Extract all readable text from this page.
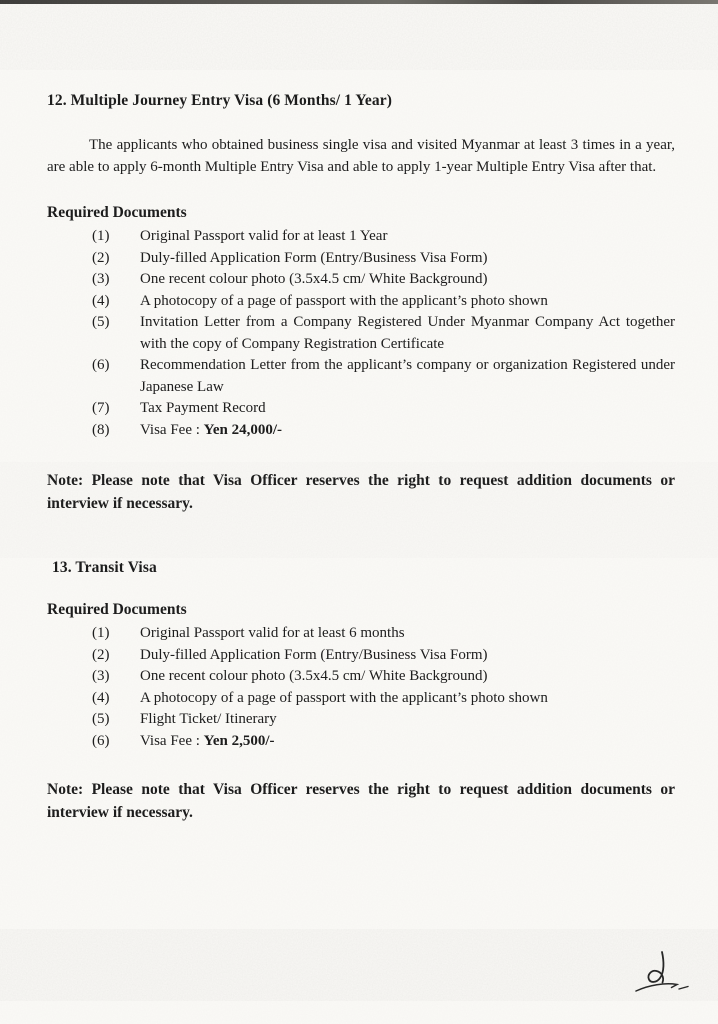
12. Multiple Journey Entry Visa (6 Months/ 1 Year)

The applicants who obtained business single visa and visited Myanmar at least 3 times in a year, are able to apply 6-month Multiple Entry Visa and able to apply 1-year Multiple Entry Visa after that.

Required Documents
(1)	Original Passport valid for at least 1 Year
(2)	Duly-filled Application Form (Entry/Business Visa Form)
(3)	One recent colour photo (3.5x4.5 cm/ White Background)
(4)	A photocopy of a page of passport with the applicant’s photo shown
(5)	Invitation Letter from a Company Registered Under Myanmar Company Act together with the copy of Company Registration Certificate
(6)	Recommendation Letter from the applicant’s company or organization Registered under Japanese Law
(7)	Tax Payment Record
(8)	Visa Fee : Yen 24,000/-

Note: Please note that Visa Officer reserves the right to request addition documents or interview if necessary.

13. Transit Visa
Required Documents
(1)	Original Passport valid for at least 6 months
(2)	Duly-filled Application Form (Entry/Business Visa Form)
(3)	One recent colour photo (3.5x4.5 cm/ White Background)
(4)	A photocopy of a page of passport with the applicant’s photo shown
(5)	Flight Ticket/ Itinerary
(6)	Visa Fee : Yen 2,500/-

Note: Please note that Visa Officer reserves the right to request addition documents or interview if necessary.
